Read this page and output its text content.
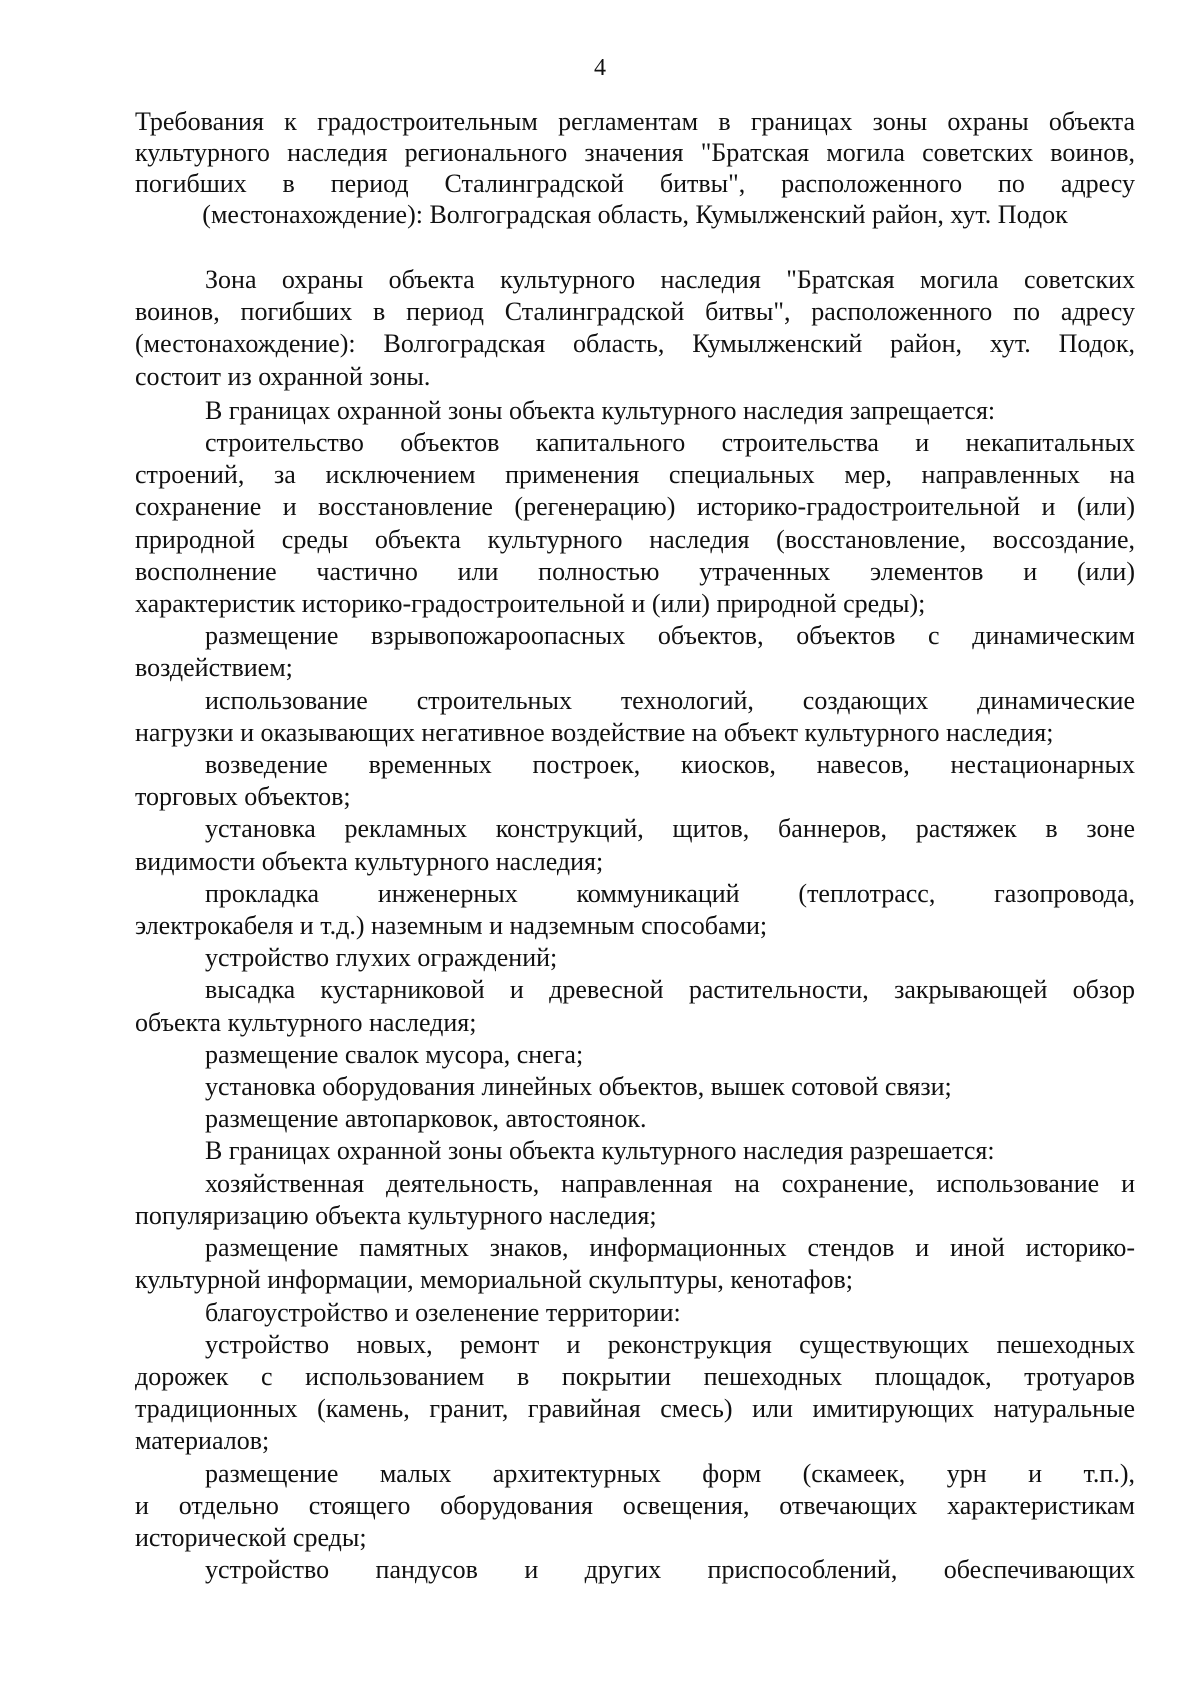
4
Требования к градостроительным регламентам в границах зоны охраны объекта
культурного наследия регионального значения "Братская могила советских воинов,
погибших в период Сталинградской битвы", расположенного по адресу
(местонахождение): Волгоградская область, Кумылженский район, хут. Подок
Зона охраны объекта культурного наследия "Братская могила советских
воинов, погибших в период Сталинградской битвы", расположенного по адресу
(местонахождение): Волгоградская область, Кумылженский район, хут. Подок,
состоит из охранной зоны.
В границах охранной зоны объекта культурного наследия запрещается:
строительство объектов капитального строительства и некапитальных
строений, за исключением применения специальных мер, направленных на
сохранение и восстановление (регенерацию) историко-градостроительной и (или)
природной среды объекта культурного наследия (восстановление, воссоздание,
восполнение частично или полностью утраченных элементов и (или)
характеристик историко-градостроительной и (или) природной среды);
размещение взрывопожароопасных объектов, объектов с динамическим
воздействием;
использование строительных технологий, создающих динамические
нагрузки и оказывающих негативное воздействие на объект культурного наследия;
возведение временных построек, киосков, навесов, нестационарных
торговых объектов;
установка рекламных конструкций, щитов, баннеров, растяжек в зоне
видимости объекта культурного наследия;
прокладка инженерных коммуникаций (теплотрасс, газопровода,
электрокабеля и т.д.) наземным и надземным способами;
устройство глухих ограждений;
высадка кустарниковой и древесной растительности, закрывающей обзор
объекта культурного наследия;
размещение свалок мусора, снега;
установка оборудования линейных объектов, вышек сотовой связи;
размещение автопарковок, автостоянок.
В границах охранной зоны объекта культурного наследия разрешается:
хозяйственная деятельность, направленная на сохранение, использование и
популяризацию объекта культурного наследия;
размещение памятных знаков, информационных стендов и иной историко-
культурной информации, мемориальной скульптуры, кенотафов;
благоустройство и озеленение территории:
устройство новых, ремонт и реконструкция существующих пешеходных
дорожек с использованием в покрытии пешеходных площадок, тротуаров
традиционных (камень, гранит, гравийная смесь) или имитирующих натуральные
материалов;
размещение малых архитектурных форм (скамеек, урн и т.п.),
и отдельно стоящего оборудования освещения, отвечающих характеристикам
исторической среды;
устройство пандусов и других приспособлений, обеспечивающих
